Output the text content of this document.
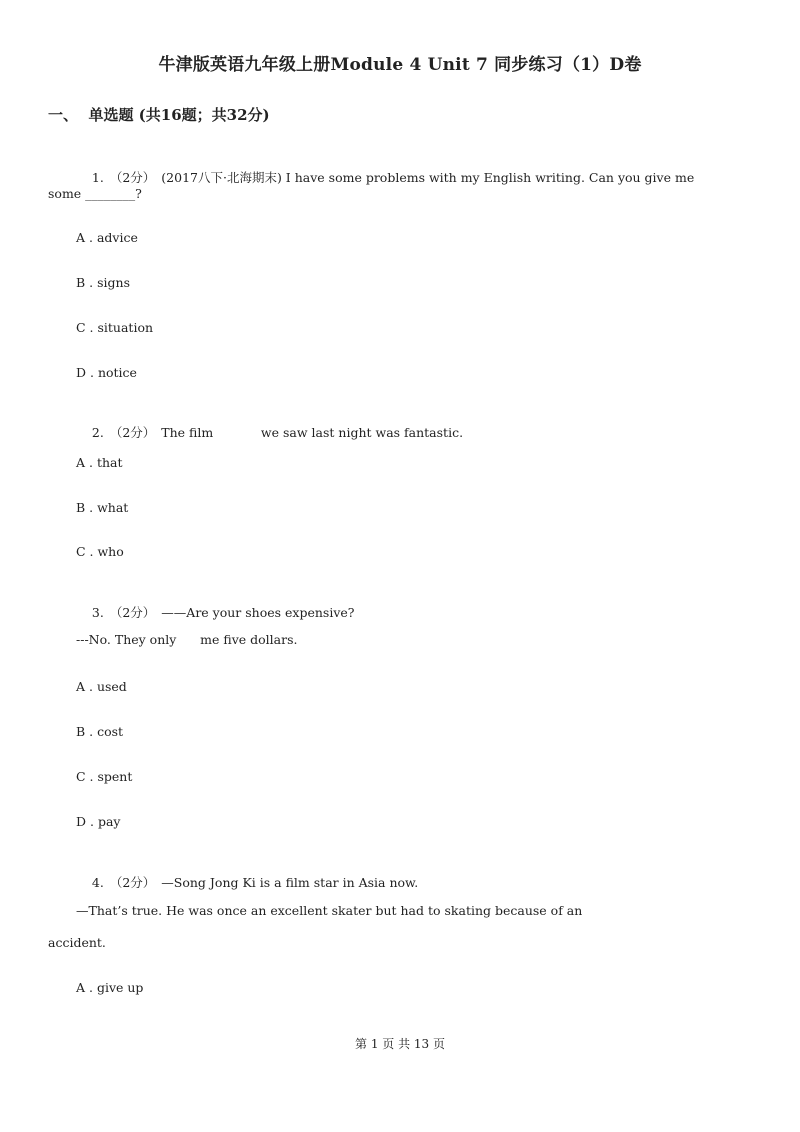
牛津版英语九年级上册Module 4 Unit 7 同步练习（1）D卷
一、  单选题 (共16题；共32分)

1. （2分） (2017八下·北海期末) I have some problems with my English writing. Can you give me

some ________?
A . advice
B . signs
C . situation
D . notice

2. （2分） The film            we saw last night was fantastic.

A . that
B . what
C . who

3. （2分） ——Are your shoes expensive?

---No. They only      me five dollars.
A . used
B . cost
C . spent
D . pay

4. （2分） —Song Jong Ki is a film star in Asia now.

—That’s true. He was once an excellent skater but had to skating because of an
accident.
A . give up
第 1 页 共 13 页
